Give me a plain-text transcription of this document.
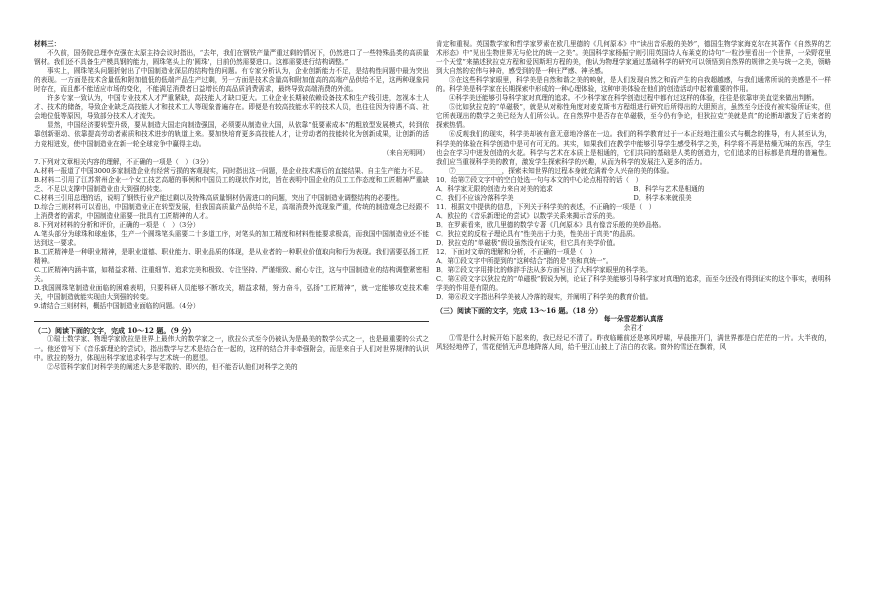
材料三：

不久前，国务院总理李克强在太原主持会议时指出，“去年，我们在钢铁产量严重过剩的情况下，仍然进口了一些特殊品类的高质量钢材。我们还不具备生产模具钢的能力，圆珠笔头上的‘圆珠’，目前仍然需要进口。这都需要进行结构调整。”

事实上，圆珠笔头问题折射出了中国制造业深层的结构性的问题。有专家分析认为，企业创新能力不足，是结构性问题中最为突出的表现。一方面是技术含量低和附加值低的低端产品生产过剩，另一方面是技术含量高和附加值高的高端产品供给不足，这两种现象同时存在，而且都不能适应市场的变化，不能满足消费者日益增长的高品质消费需求，最终导致高端消费的外流。

许多专家一致认为，中国专业技术人才严重紧缺，高技能人才缺口更大。工业企业长期被依赖设备技术和生产线引进，忽视本土人才、技术的储备，导致企业缺乏高技能人才和技术工人等现象普遍存在。即便是有较高技能水平的技术人员，也往往因为待遇不高、社会地位低等原因，导致部分技术人才流失。

显然，中国经济要转型升级，要从制造大国走向制造强国，必须要从制造业大国，从依靠“低要素成本”的粗放型发展模式，转到依靠创新驱动、依靠提高劳动者素质和技术进步的轨道上来。要加快培育更多高技能人才，让劳动者的技能转化为创新成果，让创新的活力竞相迸发，使中国制造业在新一轮全球竞争中赢得主动。

（来自光明网）

7.下列对文章相关内容的理解，不正确的一项是（　）（3分）

A.材料一报道了中国3000多家制造企业有经营亏损的客观现实，同时指出这一问题，是企业技术落后的直接结果、自主生产能力不足。

B.材料二引用了江苏常州企业一个女工技艺高超的事例和中国员工的现状作对比，旨在表明中国企业的员工工作态度和工匠精神严重缺乏、不足以支撑中国制造业由大到强的转变。

C.材料三引用总理的话，说明了钢铁行业产能过剩以及特殊高质量钢材仍需进口的问题，突出了中国制造业调整结构的必要性。

D.综合三则材料可以看出，中国制造业正在转型发展，但我国高质量产品供给不足，高端消费外流现象严重，传统的制造观念已经跟不上消费者的需求，中国制造业需要一批具有工匠精神的人才。

8.下列对材料的分析和评价，正确的一项是（　）（3分）

A.笔头部分为球珠和球座体，生产一个圆珠笔头需要二十多道工序，对笔头的加工精度和材料性能要求极高，而我国中国制造业还不能达到这一要求。

B.工匠精神是一种职业精神，是职业道德、职业能力、职业品质的体现，是从业者的一种职业价值取向和行为表现。我们需要弘扬工匠精神。

C.工匠精神内涵丰富，如精益求精、注重细节、追求完美和极致、专注坚持、严谨细致、耐心专注，这与中国制造业的结构调整紧密相关。

D.我国圆珠笔制造业面临的困难表明，只要科研人员能够不断攻关，精益求精，努力奋斗，弘扬“工匠精神”，就一定能够攻克技术难关，中国制造就能实现由大到强的转变。

9.请结合三则材料，概括中国制造业面临的问题。（4分）

（二）阅读下面的文字，完成 10～12 题。（9 分）

①瑞士数学家、物理学家欧拉是世界上最伟大的数学家之一，欧拉公式至今仍被认为是最美的数学公式之一，也是最重要的公式之一。他还曾写下《音乐新理论的尝试》，指出数学与艺术是结合在一起的，这样的结合并非牵强附会，而是来自于人们对世界规律的认识中。欧拉的努力，体现出科学家追求科学与艺术统一的愿望。

②尽管科学家们对科学美的阐述大多是零散的、即兴的，但不能否认他们对科学之美的

肯定和重视。英国数学家和哲学家罗素在欧几里德的《几何原本》中“读出音乐般的美妙”，德国生物学家海克尔在其著作《自然界的艺术形态》中“见出生物世界无与伦比的统一之美”。美国科学家杨振宁则引用英国诗人布莱克的诗句“一粒沙里看出一个世界，一朵野花里一个天堂”来描述狄拉克方程和爱因斯坦方程的美，他认为物理学家通过基础科学的研究可以领悟到自然界的规律之美与统一之美，领略到大自然的宏伟与神奇，感受到的是一种庄严感、神圣感。

③在这些科学家眼里，科学美是自然和谐之美的映射，是人们发现自然之和而产生的自我超越感，与我们通常所说的美感是不一样的。科学美是科学家在长期探索中形成的一种心理体验，这种审美体验在他们的创造活动中起着重要的作用。

④科学美还能够引导科学家对真理的追求。不少科学家在科学创造过程中都有过这样的体验，往往是依靠审美直觉来做出判断。

⑤比如狄拉克的“单磁极”，就是从对称性角度对麦克斯韦方程组进行研究后所得出的大胆预言，虽然至今还没有被实验所证实，但它所表现出的数学之美已经为人们所公认。在自然界中是否存在单磁极，至今仍有争论，但狄拉克“美就是真”的论断却激发了后来者的探索热情。

⑥反观我们的现实，科学美却被有意无意地冷落在一边。我们的科学教育过于一本正经地注重公式与概念的推导，有人甚至认为，科学美的体验在科学创造中是可有可无的。其实，如果我们在教学中能够引导学生感受科学之美，科学将不再是枯燥无味的东西，学生也会在学习中迸发创造的火花。科学与艺术在本质上是相通的，它们共同的基础是人类的创造力，它们追求的目标都是真理的普遍性。我们应当重视科学美的教育，激发学生探索科学的兴趣，从而为科学的发展注入更多的活力。

⑦______________，探索未知世界的过程本身就充满着令人兴奋的美的体验。

10．给第⑦段文字中的空白处选一句与本文的中心论点相符的话（　）

A．科学家无限的创造力来自对美的追求	B．科学与艺术是相通的
C．我们不应该冷落科学美	D．科学本来就很美

11．根据文中提供的信息，下列关于科学美的表述，不正确的一项是（　）

A．欧拉的《音乐新理论的尝试》以数学关系来揭示音乐的美。

B．在罗素看来，欧几里德的数学专著《几何原本》具有像音乐般的美妙品格。

C．狄拉克的反粒子理论具有“性美出于力美，性美出于真美”的品质。

D．狄拉克的“单磁极”假设虽然没有证实，但它具有美学价值。

12．下面对文章的理解和分析，不正确的一项是（　）

A．第①段文字中所提到的“这种结合”指的是“美和真统一”。

B．第②段文字用排比的修辞手法从多方面写出了大科学家眼里的科学美。

C．第④段文字以狄拉克的“单磁极”假说为例，论证了科学美能够引导科学家对真理的追求，而至今还没有得到证实的这个事实，表明科学美的作用是有限的。

D．第⑥段文字指出科学美被人冷落的现实，并阐明了科学美的教育价值。

（三）阅读下面的文字，完成 13～16 题。（18 分）

每一朵雪花都认真落

余君才

①雪是什么时候开始下起来的，我已经记不清了。昨夜临睡前还是寒风呼啸，早晨推开门，满世界都是白茫茫的一片。大半夜的，风轻轻地停了，雪花便悄无声息地降落人间，给千里江山披上了洁白的衣裳。窗外的雪还在飘着，风
